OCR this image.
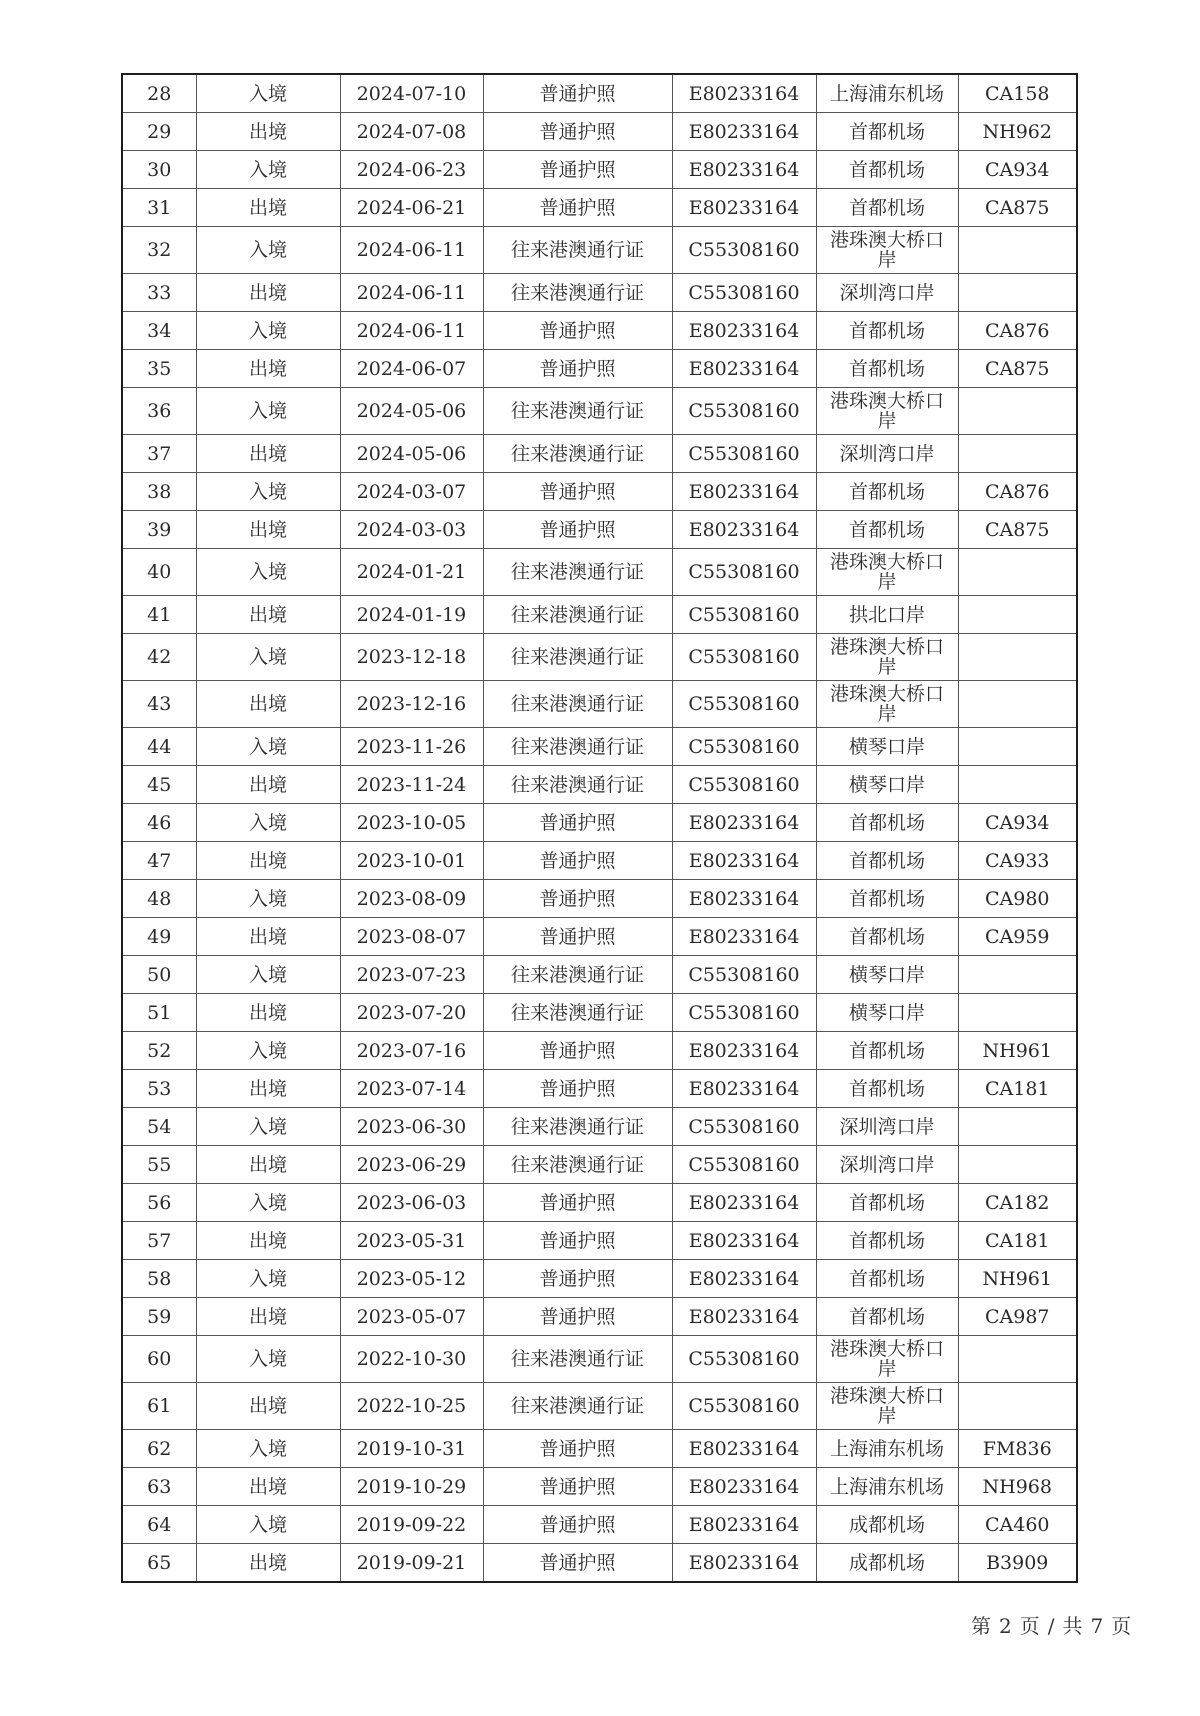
28	入境	2024-07-10	普通护照	E80233164	上海浦东机场	CA158
29	出境	2024-07-08	普通护照	E80233164	首都机场	NH962
30	入境	2024-06-23	普通护照	E80233164	首都机场	CA934
31	出境	2024-06-21	普通护照	E80233164	首都机场	CA875
32	入境	2024-06-11	往来港澳通行证	C55308160	港珠澳大桥口岸	
33	出境	2024-06-11	往来港澳通行证	C55308160	深圳湾口岸	
34	入境	2024-06-11	普通护照	E80233164	首都机场	CA876
35	出境	2024-06-07	普通护照	E80233164	首都机场	CA875
36	入境	2024-05-06	往来港澳通行证	C55308160	港珠澳大桥口岸	
37	出境	2024-05-06	往来港澳通行证	C55308160	深圳湾口岸	
38	入境	2024-03-07	普通护照	E80233164	首都机场	CA876
39	出境	2024-03-03	普通护照	E80233164	首都机场	CA875
40	入境	2024-01-21	往来港澳通行证	C55308160	港珠澳大桥口岸	
41	出境	2024-01-19	往来港澳通行证	C55308160	拱北口岸	
42	入境	2023-12-18	往来港澳通行证	C55308160	港珠澳大桥口岸	
43	出境	2023-12-16	往来港澳通行证	C55308160	港珠澳大桥口岸	
44	入境	2023-11-26	往来港澳通行证	C55308160	横琴口岸	
45	出境	2023-11-24	往来港澳通行证	C55308160	横琴口岸	
46	入境	2023-10-05	普通护照	E80233164	首都机场	CA934
47	出境	2023-10-01	普通护照	E80233164	首都机场	CA933
48	入境	2023-08-09	普通护照	E80233164	首都机场	CA980
49	出境	2023-08-07	普通护照	E80233164	首都机场	CA959
50	入境	2023-07-23	往来港澳通行证	C55308160	横琴口岸	
51	出境	2023-07-20	往来港澳通行证	C55308160	横琴口岸	
52	入境	2023-07-16	普通护照	E80233164	首都机场	NH961
53	出境	2023-07-14	普通护照	E80233164	首都机场	CA181
54	入境	2023-06-30	往来港澳通行证	C55308160	深圳湾口岸	
55	出境	2023-06-29	往来港澳通行证	C55308160	深圳湾口岸	
56	入境	2023-06-03	普通护照	E80233164	首都机场	CA182
57	出境	2023-05-31	普通护照	E80233164	首都机场	CA181
58	入境	2023-05-12	普通护照	E80233164	首都机场	NH961
59	出境	2023-05-07	普通护照	E80233164	首都机场	CA987
60	入境	2022-10-30	往来港澳通行证	C55308160	港珠澳大桥口岸	
61	出境	2022-10-25	往来港澳通行证	C55308160	港珠澳大桥口岸	
62	入境	2019-10-31	普通护照	E80233164	上海浦东机场	FM836
63	出境	2019-10-29	普通护照	E80233164	上海浦东机场	NH968
64	入境	2019-09-22	普通护照	E80233164	成都机场	CA460
65	出境	2019-09-21	普通护照	E80233164	成都机场	B3909
第 2 页 / 共 7 页
